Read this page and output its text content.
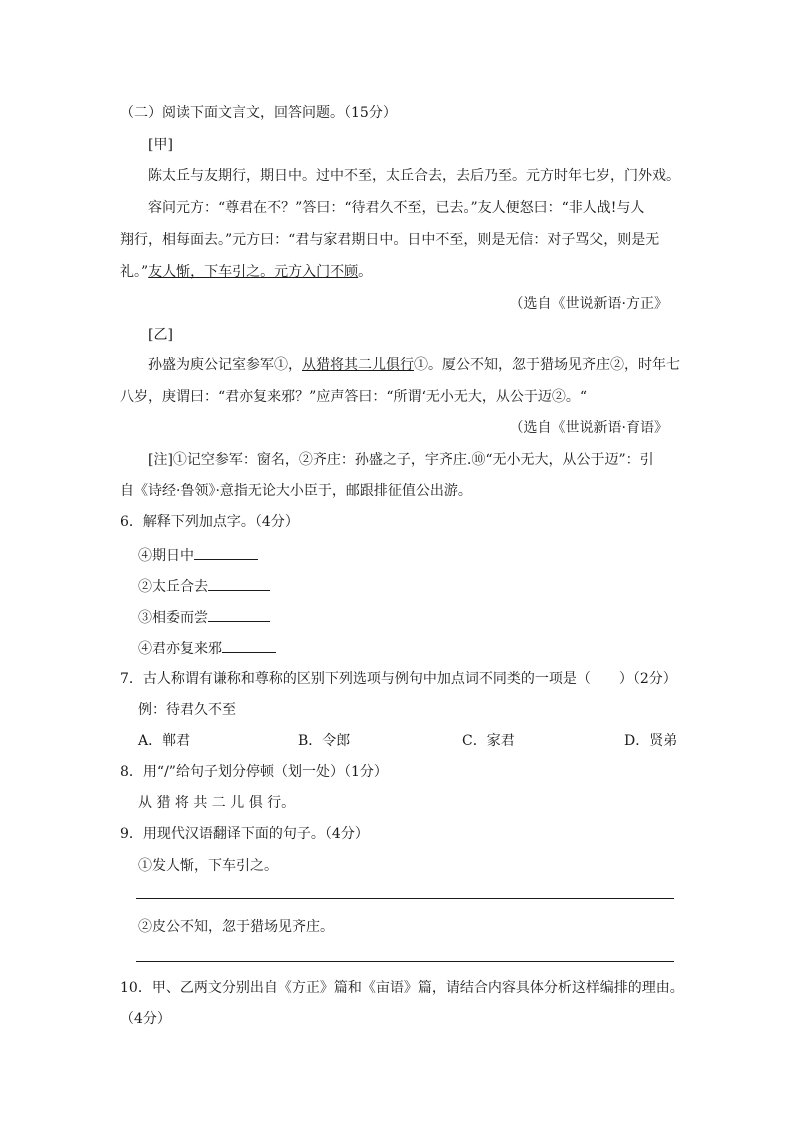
（二）阅读下面文言文，回答问题。（15分）
[甲]
陈太丘与友期行，期日中。过中不至，太丘合去，去后乃至。元方时年七岁，门外戏。
容问元方：“尊君在不？”答曰：“待君久不至，已去。”友人便怒曰：“非人战!与人
翔行，相每面去。”元方曰：“君与家君期日中。日中不至，则是无信：对子骂父，则是无
礼。”友人惭，下车引之。元方入门不顾。
（选自《世说新语·方正》
[乙]
孙盛为庾公记室参军①，从猎将其二儿俱行①。厦公不知，忽于猎场见齐庄②，时年七
八岁，庚谓曰：“君亦复来邪？”应声答曰：“所谓‘无小无大，从公于迈②。“
（选自《世说新语·育语》
[注]①记空参军：窗名，②齐庄：孙盛之子，宇齐庄.⑩“无小无大，从公于迈”：引
自《诗经·鲁领》·意指无论大小臣于，邮跟排征值公出游。
6．解释下列加点字。（4分）
④期日中
②太丘合去
③相委而尝
④君亦复来邪
7．古人称谓有谦称和尊称的区别下列选项与例句中加点词不同类的一项是（　　）（2分）
例：待君久不至
A．郸君	B．令郎	C．家君	D．贤弟
8．用“/”给句子划分停顿（划一处）（1分）
从 猎 将 共 二 儿 俱 行。
9．用现代汉语翻译下面的句子。（4分）
①发人惭，下车引之。
②皮公不知，忽于猎场见齐庄。
10．甲、乙两文分别出自《方正》篇和《亩语》篇，请结合内容具体分析这样编排的理由。
（4分）
